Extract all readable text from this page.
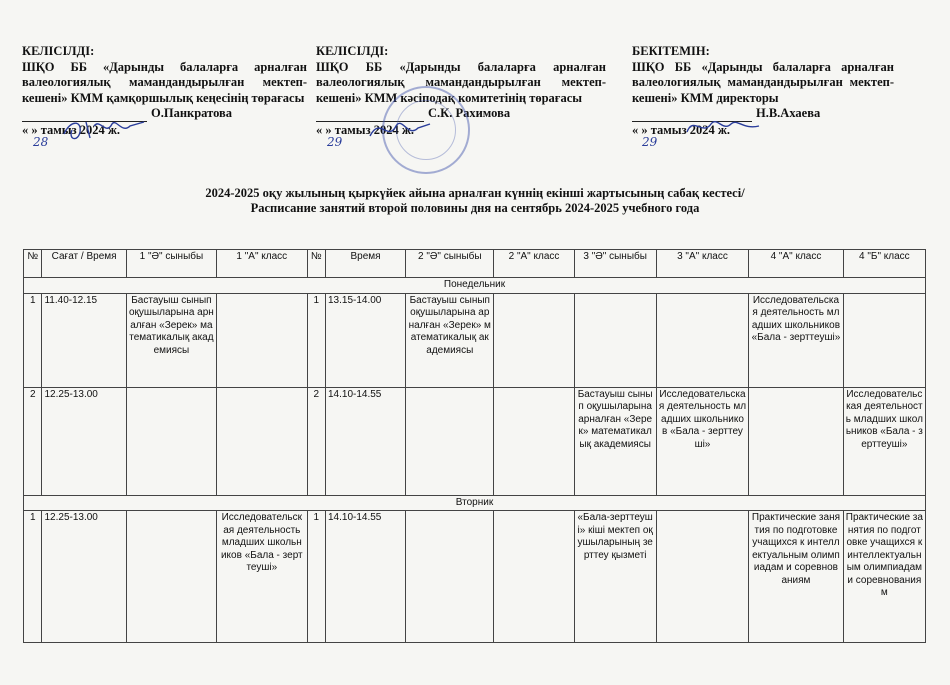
КЕЛІСІЛДІ:
ШҚО ББ «Дарынды балаларға арналған валеологиялық мамандандырылған мектеп-кешені» КММ қамқоршылық кеңесінің төрағасы
О.Панкратова
« » тамыз 2024 ж.
КЕЛІСІЛДІ:
ШҚО ББ «Дарынды балаларға арналған валеологиялық мамандандырылған мектеп-кешені» КММ кәсіподақ комитетінің төрағасы
С.К. Рахимова
« » тамыз 2024 ж.
БЕКІТЕМІН:
ШҚО ББ «Дарынды балаларға арналған валеологиялық мамандандырылған мектеп-кешені» КММ директоры
Н.В.Ахаева
« » тамыз 2024 ж.
28	29	29
2024-2025 оқу жылының қыркүйек айына арналған күннің екінші жартысының сабақ кестесі/
Расписание занятий второй половины дня на сентябрь 2024-2025 учебного года
№	Сағат / Время	1 "Ә" сыныбы	1 "А" класс	№	Время	2 "Ә" сыныбы	2 "А" класс	3 "Ә" сыныбы	3 "А" класс	4 "А" класс	4 "Б" класс
Понедельник											
1	11.40-12.15	Бастауыш сынып оқушыларына арналған «Зерек» математикалық академиясы		1	13.15-14.00	Бастауыш сынып оқушыларына арналған «Зерек» математикалық академиясы				Исследовательская деятельность младших школьников «Бала - зерттеуші»	
2	12.25-13.00			2	14.10-14.55			Бастауыш сынып оқушыларына арналған «Зерек» математикалық академиясы	Исследовательская деятельность младших школьников «Бала - зерттеуші»		Исследовательская деятельность младших школьников «Бала - зерттеуші»
Вторник											
1	12.25-13.00		Исследовательская деятельность младших школьников «Бала - зерттеуші»	1	14.10-14.55			«Бала-зерттеуші» кіші мектеп оқушыларының зерттеу қызметі		Практические занятия по подготовке учащихся к интеллектуальным олимпиадам и соревнованиям	Практические занятия по подготовке учащихся к интеллектуальным олимпиадам и соревнованиям
